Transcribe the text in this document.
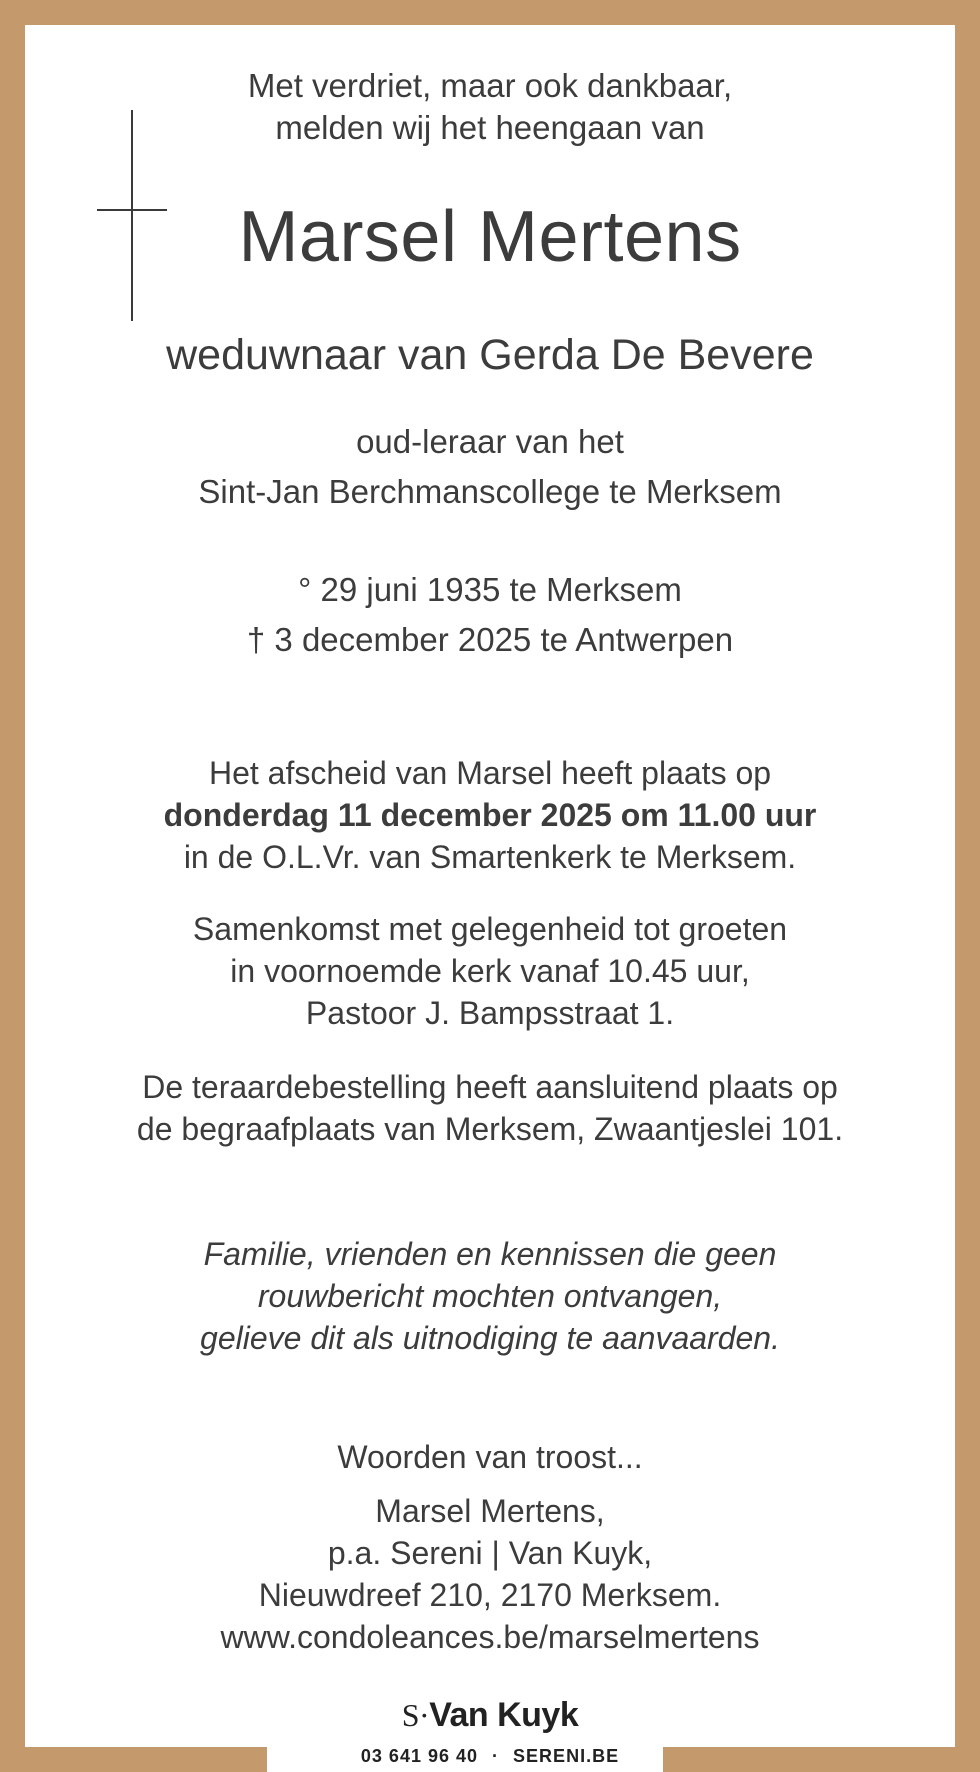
Met verdriet, maar ook dankbaar,

melden wij het heengaan van

Marsel Mertens

weduwnaar van Gerda De Bevere

oud-leraar van het

Sint-Jan Berchmanscollege te Merksem

° 29 juni 1935 te Merksem

† 3 december 2025 te Antwerpen

Het afscheid van Marsel heeft plaats op

donderdag 11 december 2025 om 11.00 uur

in de O.L.Vr. van Smartenkerk te Merksem.

Samenkomst met gelegenheid tot groeten

in voornoemde kerk vanaf 10.45 uur,

Pastoor J. Bampsstraat 1.

De teraardebestelling heeft aansluitend plaats op

de begraafplaats van Merksem, Zwaantjeslei 101.

Familie, vrienden en kennissen die geen

rouwbericht mochten ontvangen,

gelieve dit als uitnodiging te aanvaarden.

Woorden van troost...

Marsel Mertens,

p.a. Sereni | Van Kuyk,

Nieuwdreef 210, 2170 Merksem.

www.condoleances.be/marselmertens

S·Van Kuyk
03 641 96 40 · SERENI.BE
